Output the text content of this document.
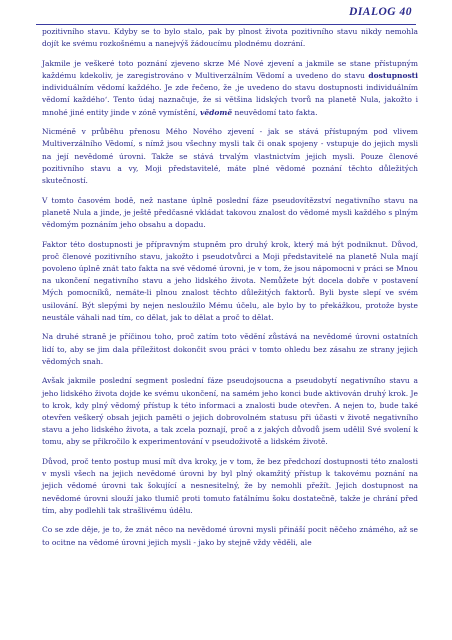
DIALOG 40

pozitivního stavu. Kdyby se to bylo stalo, pak by plnost života pozitivního stavu nikdy nemohla dojít ke svému rozkošnému a nanejvýš žádoucímu plodnému dozrání.

Jakmile je veškeré toto poznání zjeveno skrze Mé Nové zjevení a jakmile se stane přístupným každému kdekoliv, je zaregistrováno v Multiverzálním Vědomí a uvedeno do stavu dostupnosti individuálním vědomí každého. Je zde řečeno, že ‚je uvedeno do stavu dostupnosti individuálním vědomí každého‘. Tento údaj naznačuje, že si většina lidských tvorů na planetě Nula, jakožto i mnohé jiné entity jinde v zóně vymístění, vědomě neuvědomí tato fakta.

Nicméně v průběhu přenosu Mého Nového zjevení - jak se stává přístupným pod vlivem Multiverzálního Vědomí, s nímž jsou všechny mysli tak či onak spojeny - vstupuje do jejich mysli na její nevědomé úrovni. Takže se stává trvalým vlastnictvím jejich mysli. Pouze členové pozitivního stavu a vy, Moji představitelé, máte plné vědomé poznání těchto důležitých skutečností.

V tomto časovém bodě, než nastane úplně poslední fáze pseudovítězství negativního stavu na planetě Nula a jinde, je ještě předčasné vkládat takovou znalost do vědomé mysli každého s plným vědomým poznáním jeho obsahu a dopadu.

Faktor této dostupnosti je přípravným stupněm pro druhý krok, který má být podniknut. Důvod, proč členové pozitivního stavu, jakožto i pseudotvůrci a Moji představitelé na planetě Nula mají povoleno úplně znát tato fakta na své vědomé úrovni, je v tom, že jsou nápomocni v práci se Mnou na ukončení negativního stavu a jeho lidského života. Nemůžete být docela dobře v postavení Mých pomocníků, nemáte-li plnou znalost těchto důležitých faktorů. Byli byste slepí ve svém usilování. Být slepými by nejen nesloužilo Mému účelu, ale bylo by to překážkou, protože byste neustále váhali nad tím, co dělat, jak to dělat a proč to dělat.

Na druhé straně je příčinou toho, proč zatím toto vědění zůstává na nevědomé úrovni ostatních lidí to, aby se jim dala příležitost dokončit svou práci v tomto ohledu bez zásahu ze strany jejich vědomých snah.

Avšak jakmile poslední segment poslední fáze pseudojsoucna a pseudobytí negativního stavu a jeho lidského života dojde ke svému ukončení, na samém jeho konci bude aktivován druhý krok. Je to krok, kdy plný vědomý přístup k této informaci a znalosti bude otevřen. A nejen to, bude také otevřen veškerý obsah jejich paměti o jejich dobrovolném statusu při účasti v životě negativního stavu a jeho lidského života, a tak zcela poznají, proč a z jakých důvodů jsem udělil Své svolení k tomu, aby se přikročilo k experimentování v pseudoživotě a lidském životě.

Důvod, proč tento postup musí mít dva kroky, je v tom, že bez předchozí dostupnosti této znalosti v mysli všech na jejich nevědomé úrovni by byl plný okamžitý přístup k takovému poznání na jejich vědomé úrovni tak šokující a nesnesitelný, že by nemohli přežít. Jejich dostupnost na nevědomé úrovni slouží jako tlumič proti tomuto fatálnímu šoku dostatečně, takže je chrání před tím, aby podlehli tak strašlivému údělu.

Co se zde děje, je to, že znát něco na nevědomé úrovni mysli přináší pocit něčeho známého, až se to ocitne na vědomé úrovni jejich mysli - jako by stejně vždy věděli, ale
